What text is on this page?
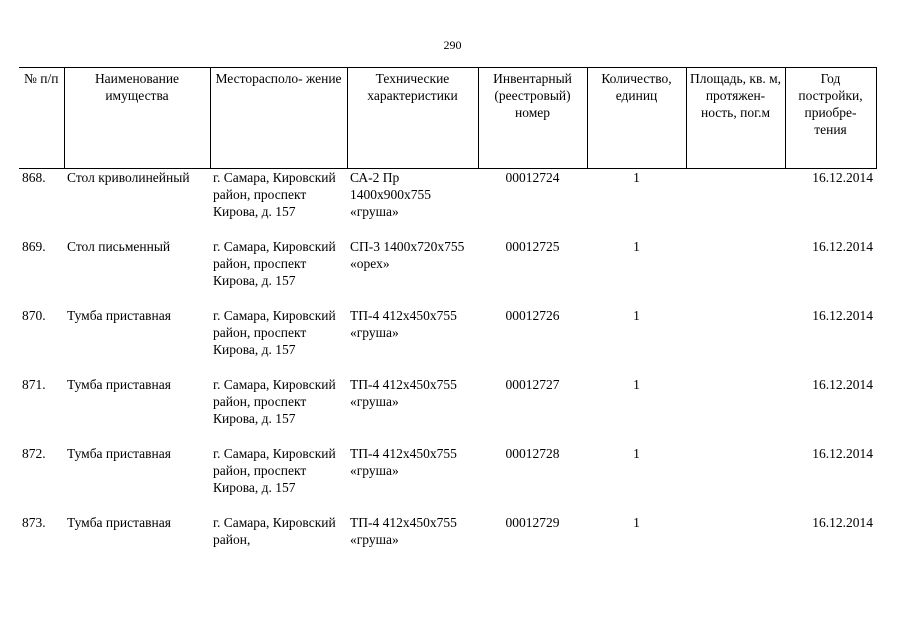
290
№ п/п	Наименование имущества	Месторасполо- жение	Технические характеристики	Инвентарный (реестровый) номер	Количество, единиц	Площадь, кв. м, протяжен- ность, пог.м	Год постройки, приобре- тения
868.	Стол криволинейный	г. Самара, Кировский район, проспект Кирова, д. 157	СА-2 Пр 1400х900х755 «груша»	00012724	1		16.12.2014
869.	Стол письменный	г. Самара, Кировский район, проспект Кирова, д. 157	СП-3 1400х720х755 «орех»	00012725	1		16.12.2014
870.	Тумба приставная	г. Самара, Кировский район, проспект Кирова, д. 157	ТП-4 412х450х755 «груша»	00012726	1		16.12.2014
871.	Тумба приставная	г. Самара, Кировский район, проспект Кирова, д. 157	ТП-4 412х450х755 «груша»	00012727	1		16.12.2014
872.	Тумба приставная	г. Самара, Кировский район, проспект Кирова, д. 157	ТП-4 412х450х755 «груша»	00012728	1		16.12.2014
873.	Тумба приставная	г. Самара, Кировский район,	ТП-4 412х450х755 «груша»	00012729	1		16.12.2014
